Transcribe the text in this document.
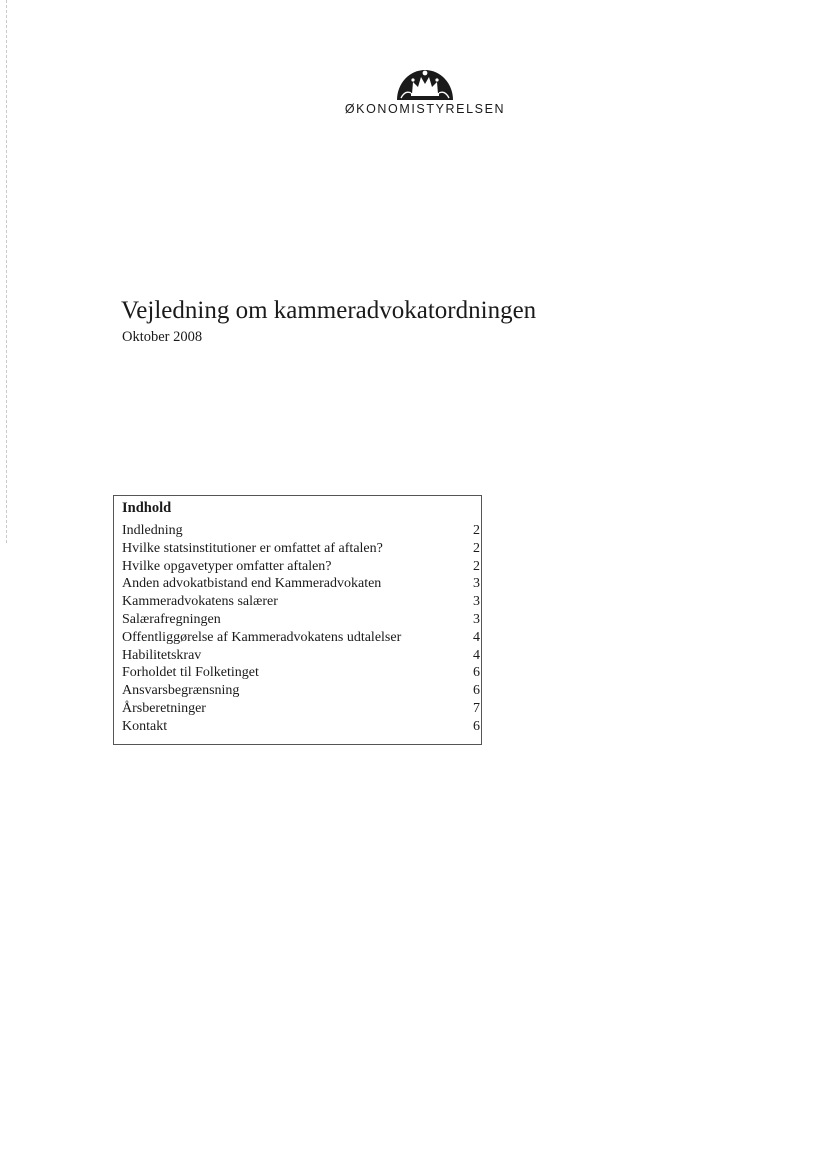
ØKONOMISTYRELSEN
Vejledning om kammeradvokatordningen
Oktober 2008
Indhold
Indledning	2
Hvilke statsinstitutioner er omfattet af aftalen?	2
Hvilke opgavetyper omfatter aftalen?	2
Anden advokatbistand end Kammeradvokaten	3
Kammeradvokatens salærer	3
Salærafregningen	3
Offentliggørelse af Kammeradvokatens udtalelser	4
Habilitetskrav	4
Forholdet til Folketinget	6
Ansvarsbegrænsning	6
Årsberetninger	7
Kontakt	6
